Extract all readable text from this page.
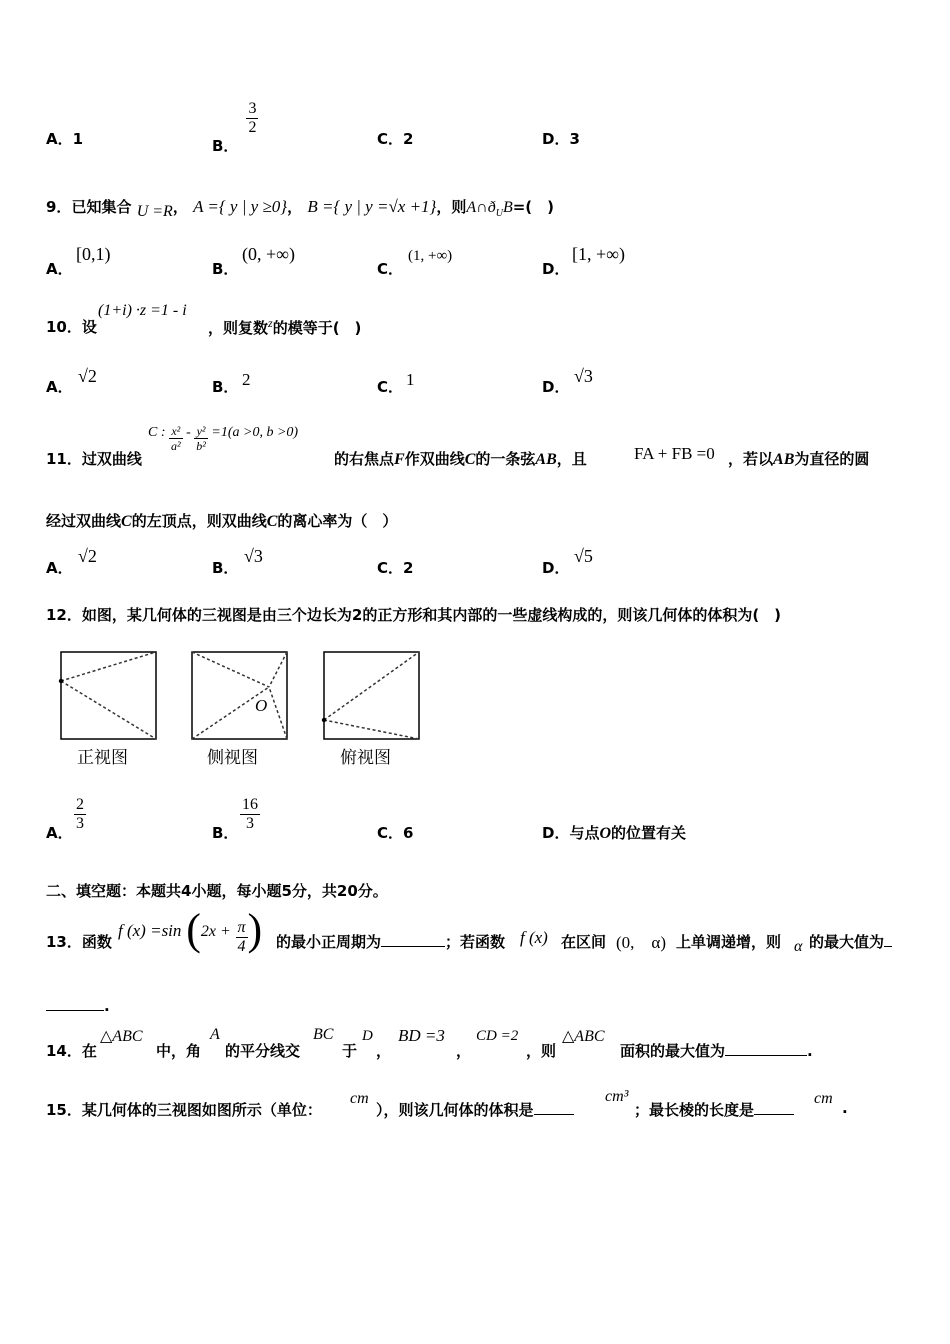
A．1	B．
$\frac{3}{2}$
C．2	D．3
9．已知集合 U =R， A ={ y | y ≥0}， B ={ y | y =√x +1}，则$A\cap ð_UB=$(　)
A．
[0,1)
B．
(0, +∞)
C．
(1, +∞)
D．
[1, +∞)
10．设
(1+i) ·z =1 - i
，则复数$^z$的模等于(　)
A．
√2
B． 2	C． 1	D．
√3
11．过双曲线
C : $\frac{\text{x²}}{\text{a²}} - \frac{\text{y²}}{\text{b²}} =1(a >0$, b >0)
的右焦点F作双曲线C的一条弦AB，且	FA + FB =0 ，若以AB为直径的圆
经过双曲线C的左顶点，则双曲线C的离心率为（　）
A．
√2
B．
√3
C．2	D．
√5
12．如图，某几何体的三视图是由三个边长为2的正方形和其内部的一些虚线构成的，则该几何体的体积为(　)
O
正视图	侧视图	俯视图
A． $\frac{2}{3}$	B． $\frac{16}{3}$	C．6	D．与点O的位置有关
二、填空题：本题共4小题，每小题5分，共20分。
13．函数
f (x) =sin ($2x + \frac{\pi}{4}$ ) 的最小正周期为	；若函数 f (x) 在区间 (0,　α) 上单调递增，则 α 的最大值为
.
14．在
△ABC
中，角
A
的平分线交
BC
于
D
，
BD =3
，
CD =2
，则
△ABC
面积的最大值为	.
15．某几何体的三视图如图所示（单位：
cm
），则该几何体的体积是
cm³
；最长棱的长度是
cm
.
